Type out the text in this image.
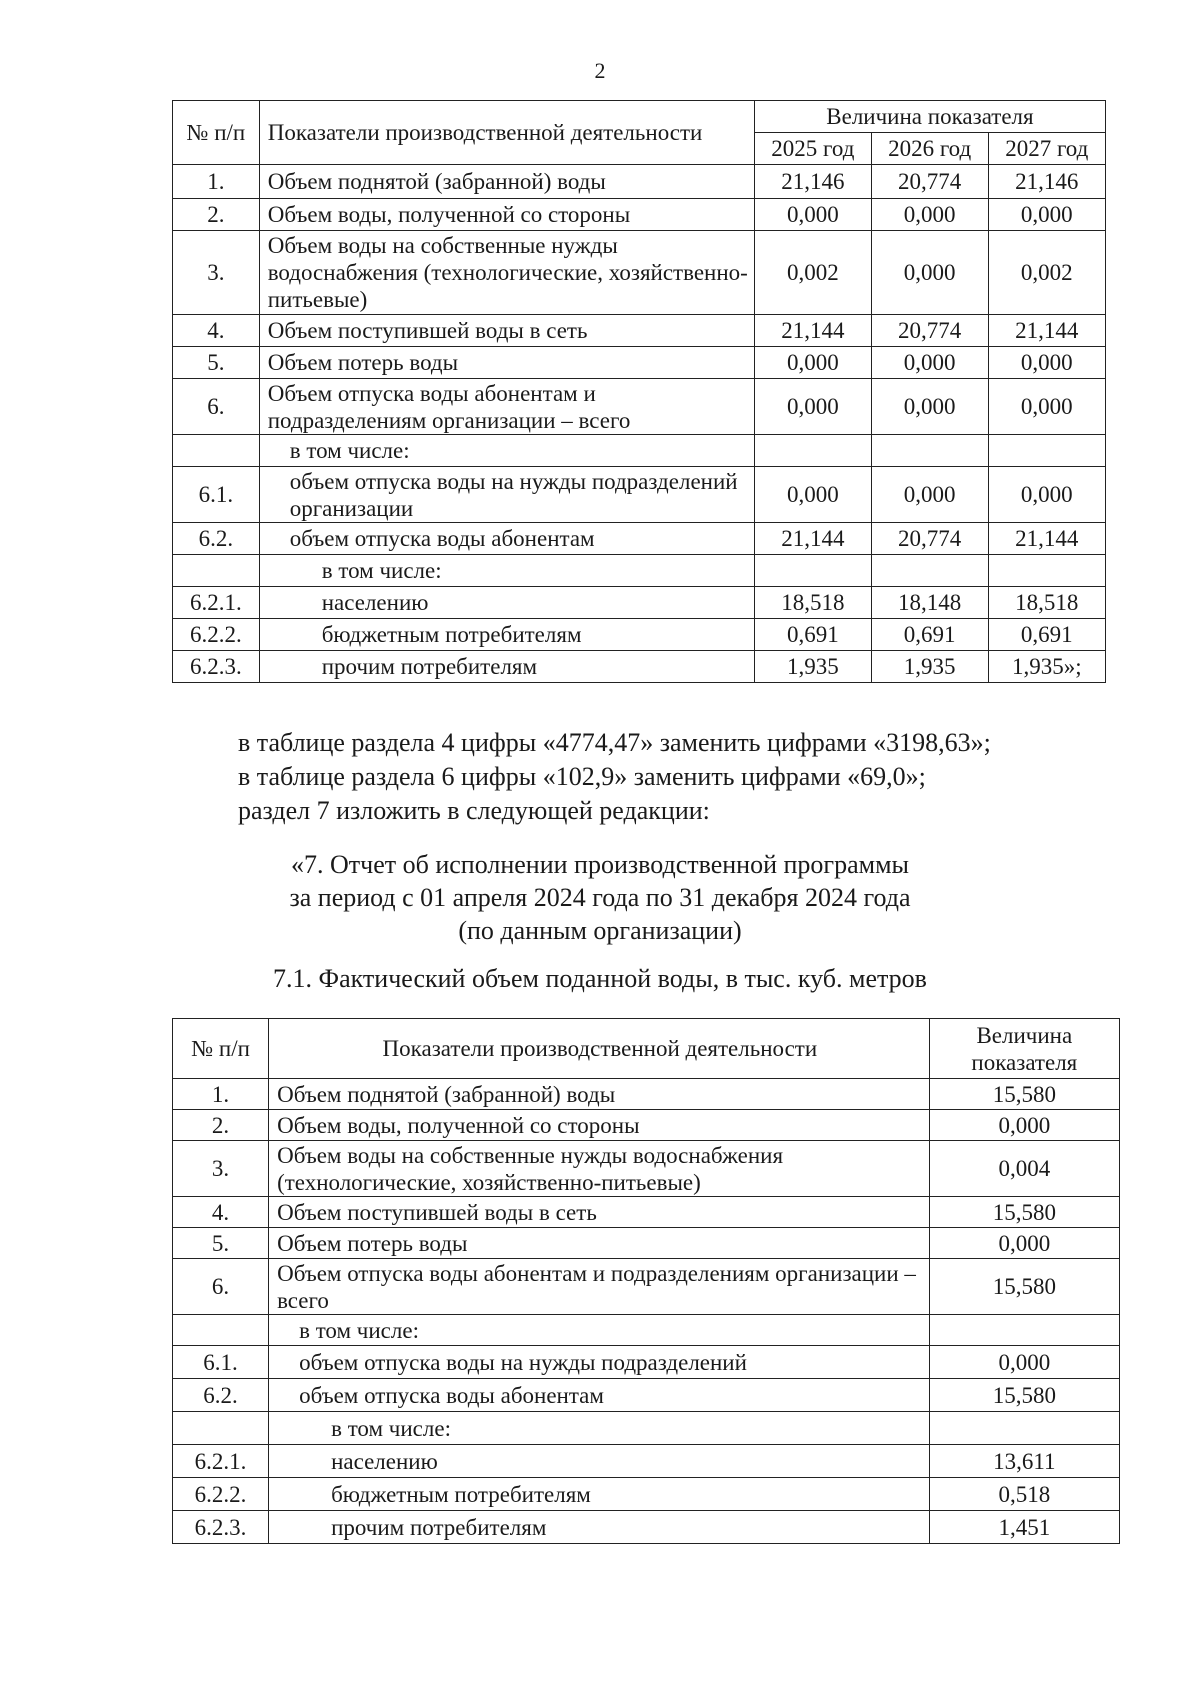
2
№ п/п	Показатели производственной деятельности	Величина показателя		
		2025 год	2026 год	2027 год
1.	Объем поднятой (забранной) воды	21,146	20,774	21,146
2.	Объем воды, полученной со стороны	0,000	0,000	0,000
3.	Объем воды на собственные нужды водоснабжения (технологические, хозяйственно-питьевые)	0,002	0,000	0,002
4.	Объем поступившей воды в сеть	21,144	20,774	21,144
5.	Объем потерь воды	0,000	0,000	0,000
6.	Объем отпуска воды абонентам и подразделениям организации – всего	0,000	0,000	0,000
	в том числе:			
6.1.	объем отпуска воды на нужды подразделений организации	0,000	0,000	0,000
6.2.	объем отпуска воды абонентам	21,144	20,774	21,144
	в том числе:			
6.2.1.	населению	18,518	18,148	18,518
6.2.2.	бюджетным потребителям	0,691	0,691	0,691
6.2.3.	прочим потребителям	1,935	1,935	1,935»;
в таблице раздела 4 цифры «4774,47» заменить цифрами «3198,63»;
в таблице раздела 6 цифры «102,9» заменить цифрами «69,0»;
раздел 7 изложить в следующей редакции:
«7. Отчет об исполнении производственной программы
за период с 01 апреля 2024 года по 31 декабря 2024 года
(по данным организации)
7.1. Фактический объем поданной воды, в тыс. куб. метров
№ п/п	Показатели производственной деятельности	Величина показателя
1.	Объем поднятой (забранной) воды	15,580
2.	Объем воды, полученной со стороны	0,000
3.	Объем воды на собственные нужды водоснабжения (технологические, хозяйственно-питьевые)	0,004
4.	Объем поступившей воды в сеть	15,580
5.	Объем потерь воды	0,000
6.	Объем отпуска воды абонентам и подразделениям организации – всего	15,580
	в том числе:	
6.1.	объем отпуска воды на нужды подразделений	0,000
6.2.	объем отпуска воды абонентам	15,580
	в том числе:	
6.2.1.	населению	13,611
6.2.2.	бюджетным потребителям	0,518
6.2.3.	прочим потребителям	1,451
